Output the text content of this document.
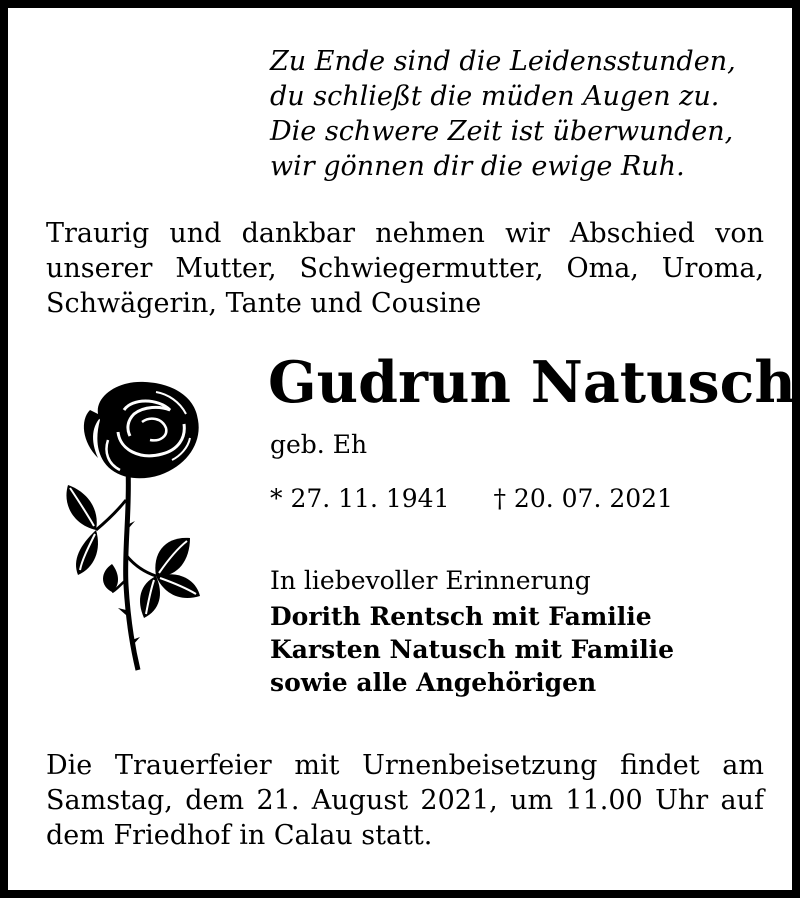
Zu Ende sind die Leidensstunden,
du schließt die müden Augen zu.
Die schwere Zeit ist überwunden,
wir gönnen dir die ewige Ruh.
Traurig und dankbar nehmen wir Abschied von
unserer Mutter, Schwiegermutter, Oma, Uroma,
Schwägerin, Tante und Cousine
Gudrun Natusch
geb. Eh
* 27. 11. 1941 † 20. 07. 2021
In liebevoller Erinnerung
Dorith Rentsch mit Familie
Karsten Natusch mit Familie
sowie alle Angehörigen
Die Trauerfeier mit Urnenbeisetzung findet am
Samstag, dem 21. August 2021, um 11.00 Uhr auf
dem Friedhof in Calau statt.
